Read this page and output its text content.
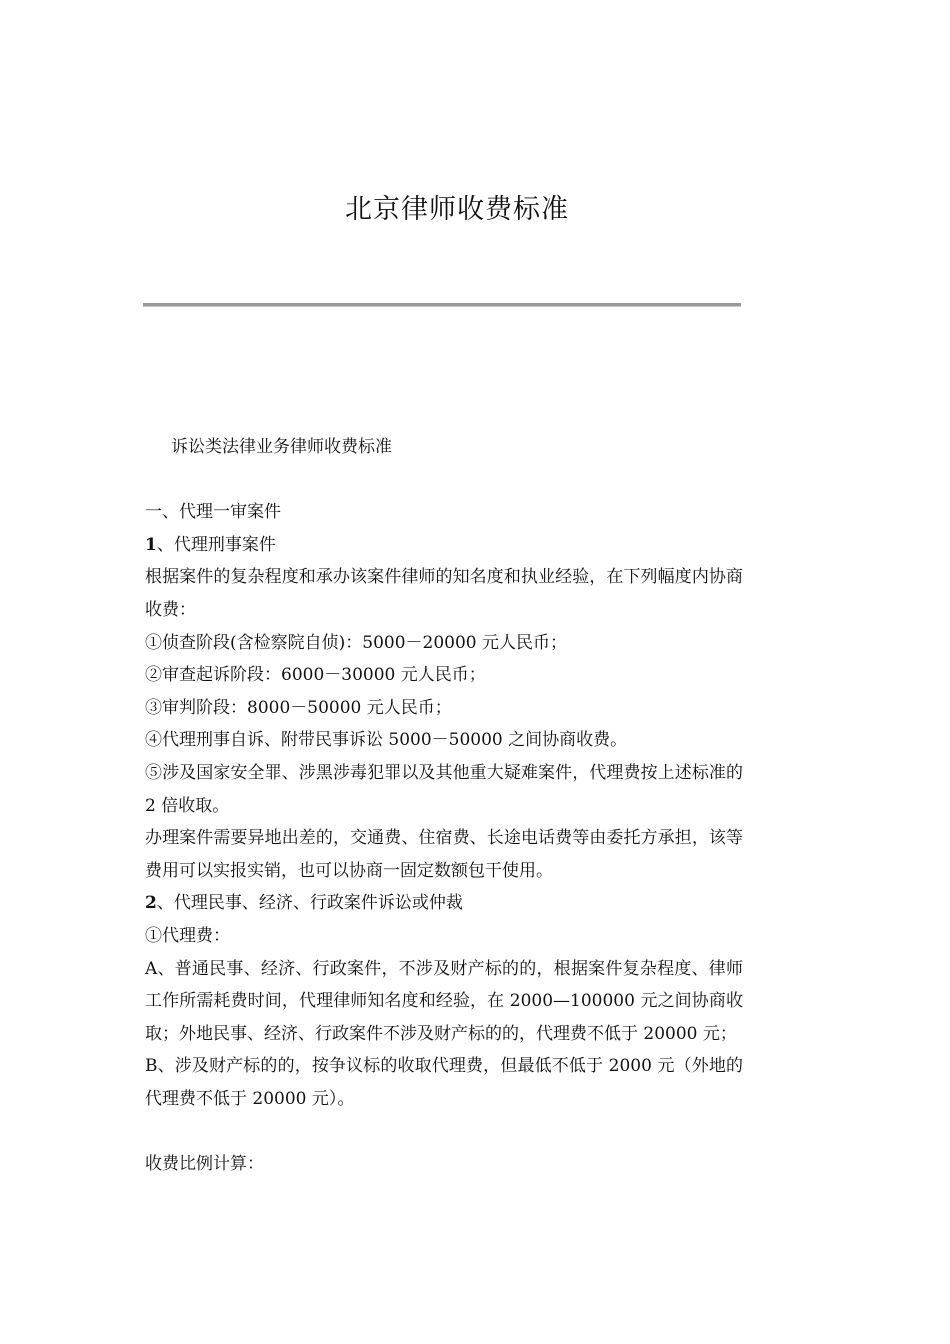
北京律师收费标准

诉讼类法律业务律师收费标准

一、代理一审案件

1、代理刑事案件

根据案件的复杂程度和承办该案件律师的知名度和执业经验，在下列幅度内协商收费：

①侦查阶段(含检察院自侦)：5000－20000 元人民币；

②审查起诉阶段：6000－30000 元人民币；

③审判阶段：8000－50000 元人民币；

④代理刑事自诉、附带民事诉讼 5000－50000 之间协商收费。

⑤涉及国家安全罪、涉黑涉毒犯罪以及其他重大疑难案件，代理费按上述标准的 2 倍收取。

办理案件需要异地出差的，交通费、住宿费、长途电话费等由委托方承担，该等费用可以实报实销，也可以协商一固定数额包干使用。

2、代理民事、经济、行政案件诉讼或仲裁

①代理费：

A、普通民事、经济、行政案件，不涉及财产标的的，根据案件复杂程度、律师工作所需耗费时间，代理律师知名度和经验，在 2000—100000 元之间协商收取；外地民事、经济、行政案件不涉及财产标的的，代理费不低于 20000 元；

B、涉及财产标的的，按争议标的收取代理费，但最低不低于 2000 元（外地的代理费不低于 20000 元）。

收费比例计算：
